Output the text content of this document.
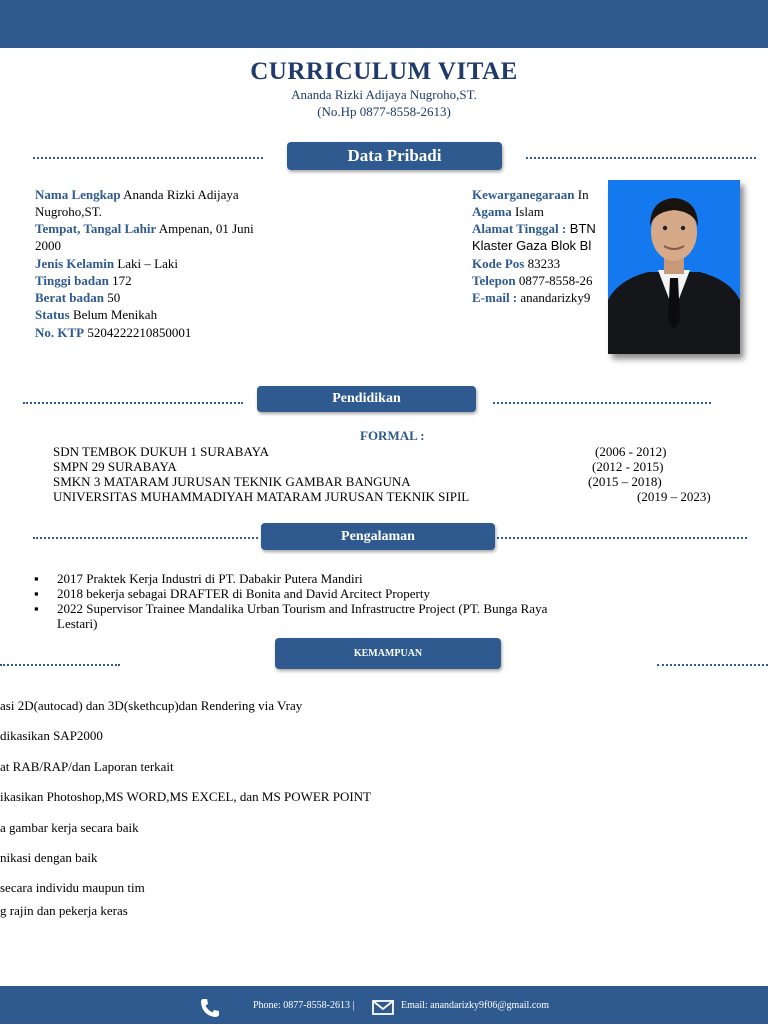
CURRICULUM VITAE
Ananda Rizki Adijaya Nugroho,ST.
(No.Hp 0877-8558-2613)
Data Pribadi
Nama Lengkap Ananda Rizki Adijaya
Nugroho,ST.
Tempat, Tangal Lahir Ampenan, 01 Juni
2000
Jenis Kelamin Laki – Laki
Tinggi badan 172
Berat badan 50
Status Belum Menikah
No. KTP 5204222210850001
Kewarganegaraan In
Agama Islam
Alamat Tinggal : BTN
Klaster Gaza Blok Bl
Kode Pos 83233
Telepon 0877-8558-26
E-mail : anandarizky9
Pendidikan
FORMAL :
SDN TEMBOK DUKUH 1 SURABAYA	(2006 - 2012)
SMPN 29 SURABAYA	(2012 - 2015)
SMKN 3 MATARAM JURUSAN TEKNIK GAMBAR BANGUNA	(2015 – 2018)
UNIVERSITAS MUHAMMADIYAH MATARAM JURUSAN TEKNIK SIPIL	(2019 – 2023)
Pengalaman
▪ 2017 Praktek Kerja Industri di PT. Dabakir Putera Mandiri
▪ 2018 bekerja sebagai DRAFTER di Bonita and David Arcitect Property
▪ 2022 Supervisor Trainee Mandalika Urban Tourism and Infrastructre Project (PT. Bunga Raya
Lestari)
KEMAMPUAN
asi 2D(autocad) dan 3D(skethcup)dan Rendering via Vray
dikasikan SAP2000
at RAB/RAP/dan Laporan terkait
ikasikan Photoshop,MS WORD,MS EXCEL, dan MS POWER POINT
a gambar kerja secara baik
nikasi dengan baik
secara individu maupun tim
g rajin dan pekerja keras
Phone: 0877-8558-2613 |	Email: anandarizky9f06@gmail.com
